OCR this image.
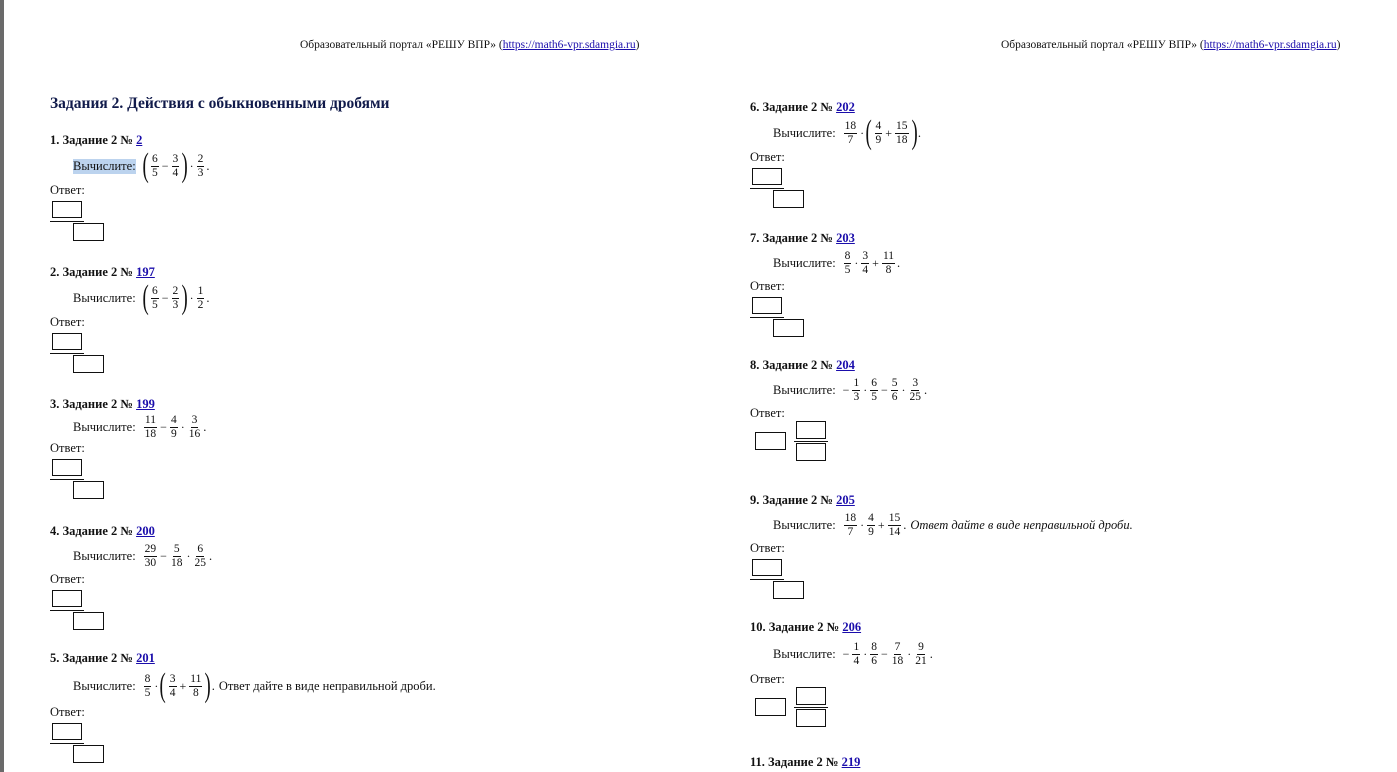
Образовательный портал «РЕШУ ВПР» (https://math6-vpr.sdamgia.ru)
Задания 2. Действия с обыкновенными дробями
1. Задание 2 № 2
Вычислите: ( $\frac{6}{5} - \frac{3}{4}$ ) · $\frac{2}{3}$ .
Ответ:
2. Задание 2 № 197
Вычислите: ( $\frac{6}{5} - \frac{2}{3}$ ) · $\frac{1}{2}$ .
Ответ:
3. Задание 2 № 199
Вычислите: $\frac{11}{18} - \frac{4}{9} \cdot \frac{3}{16}$ .
Ответ:
4. Задание 2 № 200
Вычислите: $\frac{29}{30} - \frac{5}{18} \cdot \frac{6}{25}$ .
Ответ:
5. Задание 2 № 201
Вычислите: $\frac{8}{5}$ · ( $\frac{3}{4} + \frac{11}{8}$ ) . Ответ дайте в виде неправильной дроби.
Ответ:
Образовательный портал «РЕШУ ВПР» (https://math6-vpr.sdamgia.ru)
6. Задание 2 № 202
Вычислите: $\frac{18}{7}$ · ( $\frac{4}{9} + \frac{15}{18}$ ) .
Ответ:
7. Задание 2 № 203
Вычислите: $\frac{8}{5} \cdot \frac{3}{4} + \frac{11}{8}$ .
Ответ:
8. Задание 2 № 204
Вычислите: − $\frac{1}{3} \cdot \frac{6}{5} - \frac{5}{6} \cdot \frac{3}{25}$ .
Ответ:
9. Задание 2 № 205
Вычислите: $\frac{18}{7} \cdot \frac{4}{9} + \frac{15}{14}$ . Ответ дайте в виде неправильной дроби.
Ответ:
10. Задание 2 № 206
Вычислите: − $\frac{1}{4} \cdot \frac{8}{6} - \frac{7}{18} \cdot \frac{9}{21}$ .
Ответ:
11. Задание 2 № 219
